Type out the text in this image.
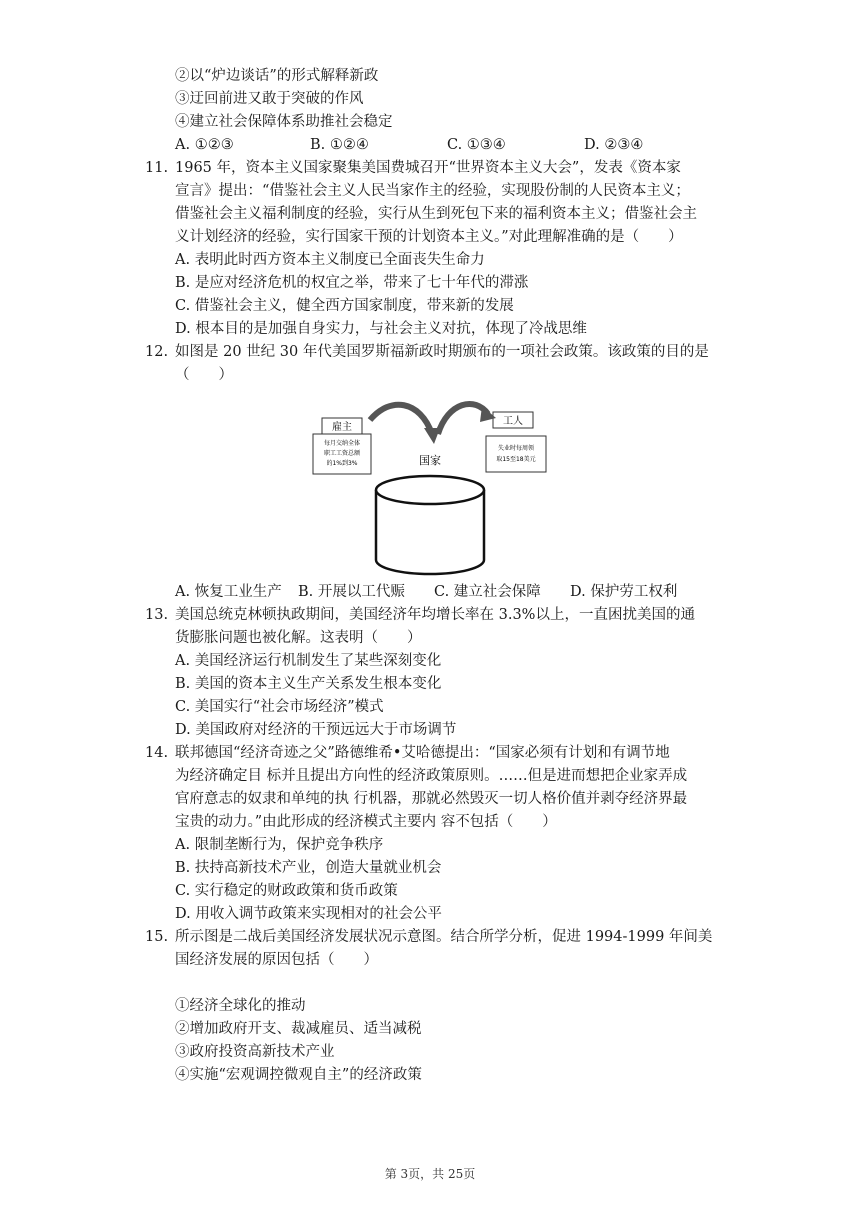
②以“炉边谈话”的形式解释新政
③迂回前进又敢于突破的作风
④建立社会保障体系助推社会稳定
A. ①②③	B. ①②④	C. ①③④	D. ②③④
11. 1965 年，资本主义国家聚集美国费城召开“世界资本主义大会”，发表《资本家
宣言》提出：“借鉴社会主义人民当家作主的经验，实现股份制的人民资本主义；
借鉴社会主义福利制度的经验，实行从生到死包下来的福利资本主义；借鉴社会主
义计划经济的经验，实行国家干预的计划资本主义。”对此理解准确的是（　　）
A. 表明此时西方资本主义制度已全面丧失生命力
B. 是应对经济危机的权宜之举，带来了七十年代的滞涨
C. 借鉴社会主义，健全西方国家制度，带来新的发展
D. 根本目的是加强自身实力，与社会主义对抗，体现了冷战思维
12. 如图是 20 世纪 30 年代美国罗斯福新政时期颁布的一项社会政策。该政策的目的是
（　　）
雇主
每月交纳全体
职工工资总额
的1%到3%
工人
失业时每周领
取15至18美元
国家
A. 恢复工业生产 B. 开展以工代赈 C. 建立社会保障 D. 保护劳工权利
13. 美国总统克林顿执政期间，美国经济年均增长率在 3.3%以上，一直困扰美国的通
货膨胀问题也被化解。这表明（　　）
A. 美国经济运行机制发生了某些深刻变化
B. 美国的资本主义生产关系发生根本变化
C. 美国实行“社会市场经济”模式
D. 美国政府对经济的干预远远大于市场调节
14. 联邦德国“经济奇迹之父”路德维希•艾哈德提出：“国家必须有计划和有调节地
为经济确定目 标并且提出方向性的经济政策原则。……但是进而想把企业家弄成
官府意志的奴隶和单纯的执 行机器，那就必然毁灭一切人格价值并剥夺经济界最
宝贵的动力。”由此形成的经济模式主要内 容不包括（　　）
A. 限制垄断行为，保护竞争秩序
B. 扶持高新技术产业，创造大量就业机会
C. 实行稳定的财政政策和货币政策
D. 用收入调节政策来实现相对的社会公平
15. 所示图是二战后美国经济发展状况示意图。结合所学分析，促进 1994-1999 年间美
国经济发展的原因包括（　　）
①经济全球化的推动
②增加政府开支、裁减雇员、适当减税
③政府投资高新技术产业
④实施“宏观调控微观自主”的经济政策
第 3页，共 25页
